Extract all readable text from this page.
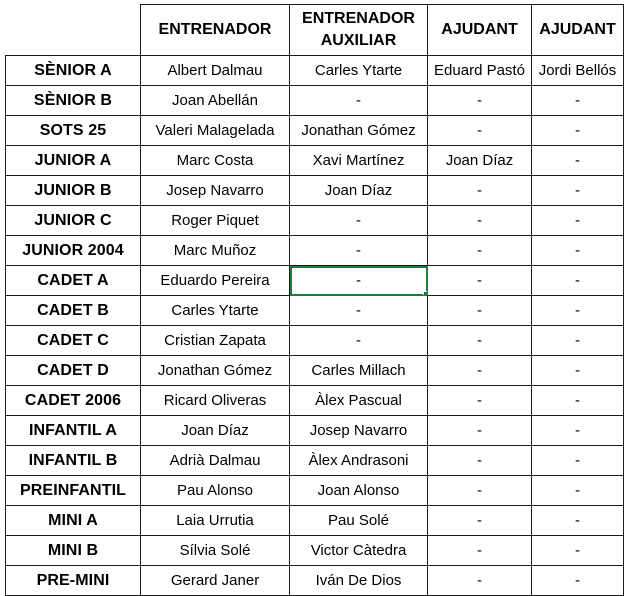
	ENTRENADOR	ENTRENADOR AUXILIAR	AJUDANT	AJUDANT
SÈNIOR A	Albert Dalmau	Carles Ytarte	Eduard Pastó	Jordi Bellós
SÈNIOR B	Joan Abellán	-	-	-
SOTS 25	Valeri Malagelada	Jonathan Gómez	-	-
JUNIOR A	Marc Costa	Xavi Martínez	Joan Díaz	-
JUNIOR B	Josep Navarro	Joan Díaz	-	-
JUNIOR C	Roger Piquet	-	-	-
JUNIOR 2004	Marc Muñoz	-	-	-
CADET A	Eduardo Pereira	-	-	-
CADET B	Carles Ytarte	-	-	-
CADET C	Cristian Zapata	-	-	-
CADET D	Jonathan Gómez	Carles Millach	-	-
CADET 2006	Ricard Oliveras	Àlex Pascual	-	-
INFANTIL A	Joan Díaz	Josep Navarro	-	-
INFANTIL B	Adrià Dalmau	Àlex Andrasoni	-	-
PREINFANTIL	Pau Alonso	Joan Alonso	-	-
MINI A	Laia Urrutia	Pau Solé	-	-
MINI B	Sílvia Solé	Victor Càtedra	-	-
PRE-MINI	Gerard Janer	Iván De Dios	-	-
